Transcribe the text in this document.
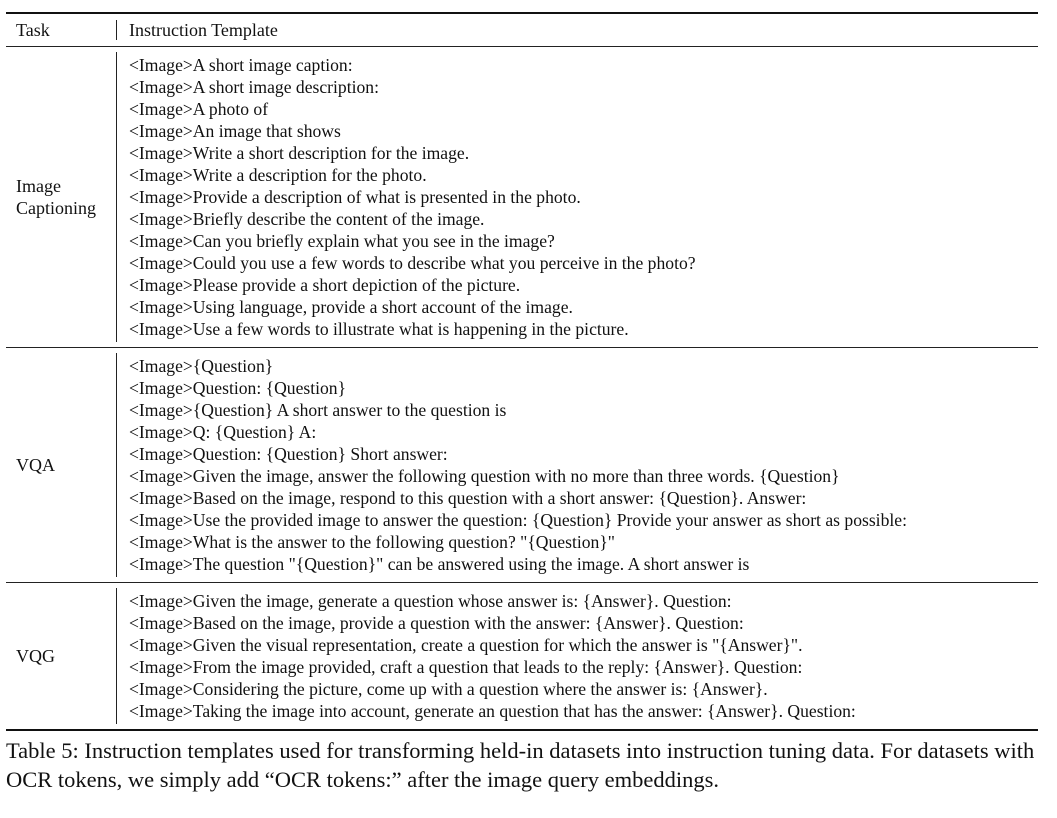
Task	Instruction Template
Image Captioning
<Image>A short image caption:
<Image>A short image description:
<Image>A photo of
<Image>An image that shows
<Image>Write a short description for the image.
<Image>Write a description for the photo.
<Image>Provide a description of what is presented in the photo.
<Image>Briefly describe the content of the image.
<Image>Can you briefly explain what you see in the image?
<Image>Could you use a few words to describe what you perceive in the photo?
<Image>Please provide a short depiction of the picture.
<Image>Using language, provide a short account of the image.
<Image>Use a few words to illustrate what is happening in the picture.
VQA
<Image>{Question}
<Image>Question: {Question}
<Image>{Question} A short answer to the question is
<Image>Q: {Question} A:
<Image>Question: {Question} Short answer:
<Image>Given the image, answer the following question with no more than three words. {Question}
<Image>Based on the image, respond to this question with a short answer: {Question}. Answer:
<Image>Use the provided image to answer the question: {Question} Provide your answer as short as possible:
<Image>What is the answer to the following question? "{Question}"
<Image>The question "{Question}" can be answered using the image. A short answer is
VQG
<Image>Given the image, generate a question whose answer is: {Answer}. Question:
<Image>Based on the image, provide a question with the answer: {Answer}. Question:
<Image>Given the visual representation, create a question for which the answer is "{Answer}".
<Image>From the image provided, craft a question that leads to the reply: {Answer}. Question:
<Image>Considering the picture, come up with a question where the answer is: {Answer}.
<Image>Taking the image into account, generate an question that has the answer: {Answer}. Question:
Table 5: Instruction templates used for transforming held-in datasets into instruction tuning data. For datasets with OCR tokens, we simply add “OCR tokens:” after the image query embeddings.
